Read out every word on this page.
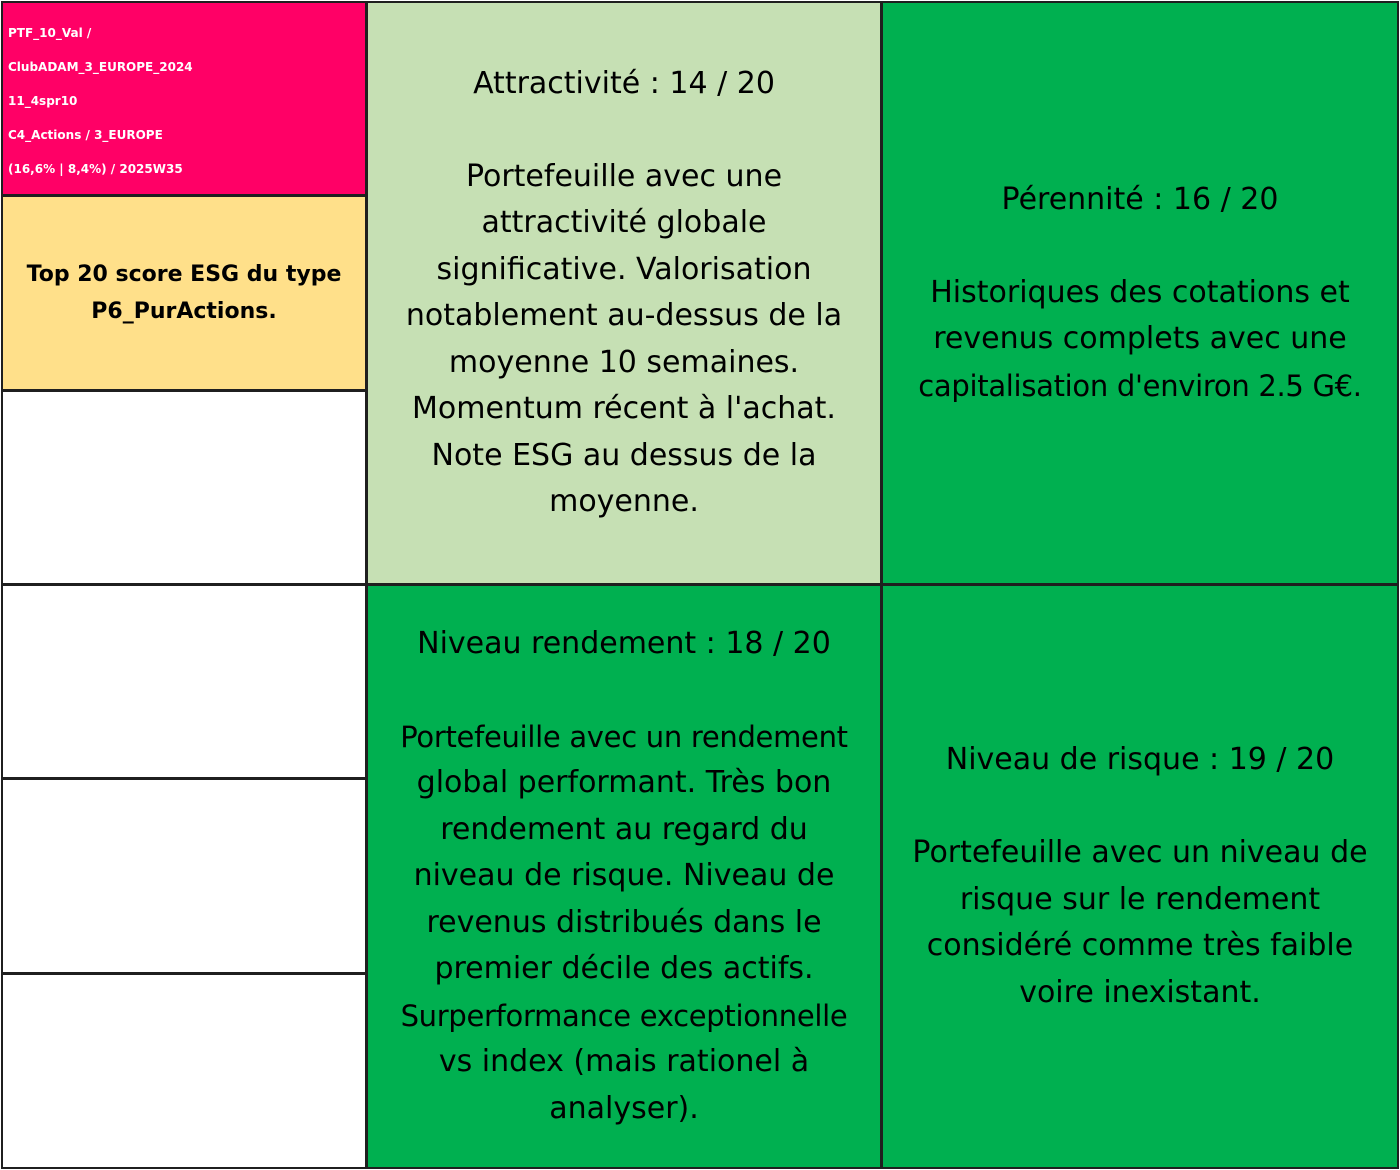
PTF_10_Val /
ClubADAM_3_EUROPE_2024
11_4spr10
C4_Actions / 3_EUROPE
(16,6% | 8,4%) / 2025W35
Top 20 score ESG du type
P6_PurActions.
Attractivité : 14 / 20
Portefeuille avec une
attractivité globale
significative. Valorisation
notablement au-dessus de la
moyenne 10 semaines.
Momentum récent à l'achat.
Note ESG au dessus de la
moyenne.
Pérennité : 16 / 20
Historiques des cotations et
revenus complets avec une
capitalisation d'environ 2.5 G€.
Niveau rendement : 18 / 20
Portefeuille avec un rendement
global performant. Très bon
rendement au regard du
niveau de risque. Niveau de
revenus distribués dans le
premier décile des actifs.
Surperformance exceptionnelle
vs index (mais rationel à
analyser).
Niveau de risque : 19 / 20
Portefeuille avec un niveau de
risque sur le rendement
considéré comme très faible
voire inexistant.
